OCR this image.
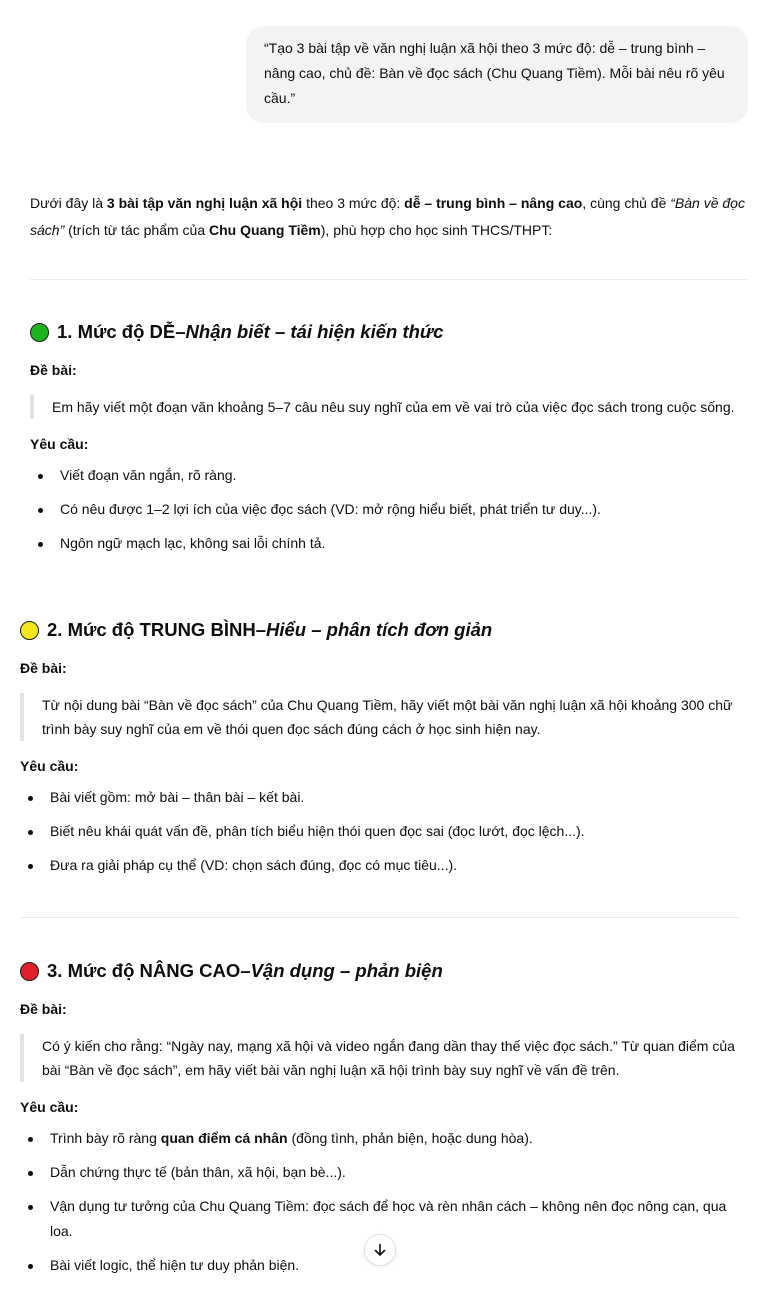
“Tạo 3 bài tập về văn nghị luận xã hội theo 3 mức độ: dễ – trung bình – nâng cao, chủ đề: Bàn về đọc sách (Chu Quang Tiềm). Mỗi bài nêu rõ yêu cầu.”
Dưới đây là 3 bài tập văn nghị luận xã hội theo 3 mức độ: dễ – trung bình – nâng cao, cùng chủ đề “Bàn về đọc sách” (trích từ tác phẩm của Chu Quang Tiềm), phù hợp cho học sinh THCS/THPT:
1. Mức độ DỄ – Nhận biết – tái hiện kiến thức
Đề bài:
Em hãy viết một đoạn văn khoảng 5–7 câu nêu suy nghĩ của em về vai trò của việc đọc sách trong cuộc sống.
Yêu cầu:
Viết đoạn văn ngắn, rõ ràng.
Có nêu được 1–2 lợi ích của việc đọc sách (VD: mở rộng hiểu biết, phát triển tư duy...).
Ngôn ngữ mạch lạc, không sai lỗi chính tả.
2. Mức độ TRUNG BÌNH – Hiểu – phân tích đơn giản
Đề bài:
Từ nội dung bài “Bàn về đọc sách” của Chu Quang Tiềm, hãy viết một bài văn nghị luận xã hội khoảng 300 chữ trình bày suy nghĩ của em về thói quen đọc sách đúng cách ở học sinh hiện nay.
Yêu cầu:
Bài viết gồm: mở bài – thân bài – kết bài.
Biết nêu khái quát vấn đề, phân tích biểu hiện thói quen đọc sai (đọc lướt, đọc lệch...).
Đưa ra giải pháp cụ thể (VD: chọn sách đúng, đọc có mục tiêu...).
3. Mức độ NÂNG CAO – Vận dụng – phản biện
Đề bài:
Có ý kiến cho rằng: “Ngày nay, mạng xã hội và video ngắn đang dần thay thế việc đọc sách.” Từ quan điểm của bài “Bàn về đọc sách”, em hãy viết bài văn nghị luận xã hội trình bày suy nghĩ về vấn đề trên.
Yêu cầu:
Trình bày rõ ràng quan điểm cá nhân (đồng tình, phản biện, hoặc dung hòa).
Dẫn chứng thực tế (bản thân, xã hội, bạn bè...).
Vận dụng tư tưởng của Chu Quang Tiềm: đọc sách để học và rèn nhân cách – không nên đọc nông cạn, qua loa.
Bài viết logic, thể hiện tư duy phản biện.
